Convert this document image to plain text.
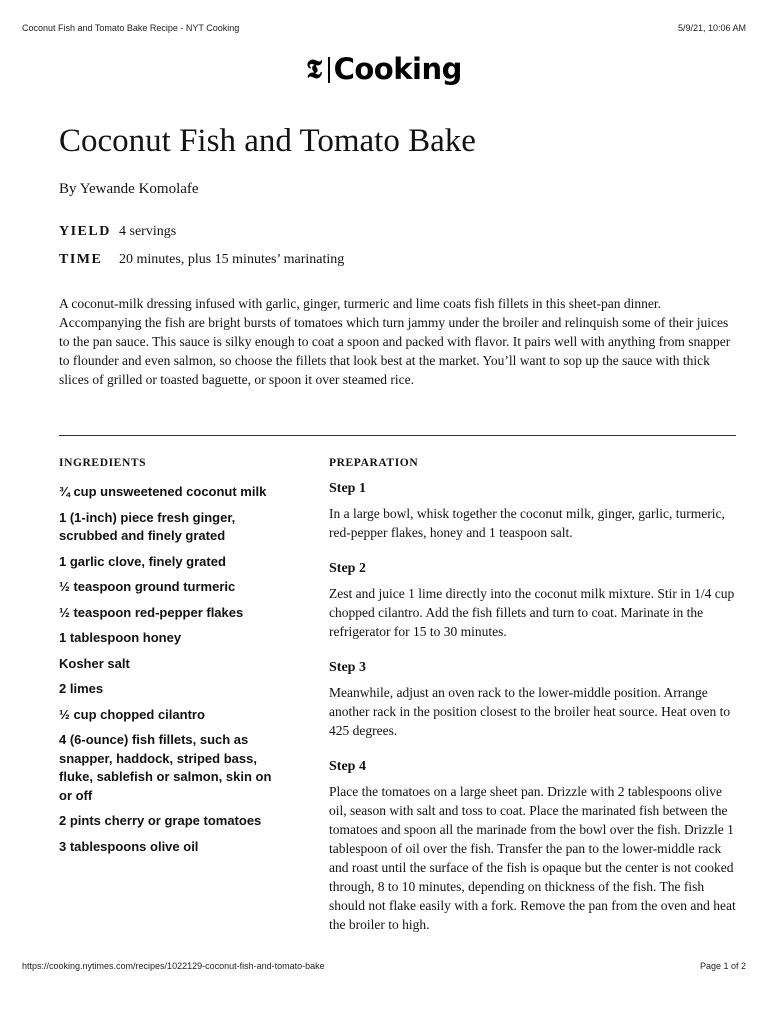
Coconut Fish and Tomato Bake Recipe - NYT Cooking	5/9/21, 10:06 AM
𝕿 Cooking
Coconut Fish and Tomato Bake
By Yewande Komolafe
YIELD 4 servings
TIME	20 minutes, plus 15 minutes’ marinating

A coconut-milk dressing infused with garlic, ginger, turmeric and lime coats fish fillets in this sheet-pan dinner. Accompanying the fish are bright bursts of tomatoes which turn jammy under the broiler and relinquish some of their juices to the pan sauce. This sauce is silky enough to coat a spoon and packed with flavor. It pairs well with anything from snapper to flounder and even salmon, so choose the fillets that look best at the market. You’ll want to sop up the sauce with thick slices of grilled or toasted baguette, or spoon it over steamed rice.

INGREDIENTS	PREPARATION
¾ cup unsweetened coconut milk
1 (1-inch) piece fresh ginger, scrubbed and finely grated
1 garlic clove, finely grated
½ teaspoon ground turmeric
½ teaspoon red-pepper flakes
1 tablespoon honey
Kosher salt
2 limes
½ cup chopped cilantro
4 (6-ounce) fish fillets, such as snapper, haddock, striped bass, fluke, sablefish or salmon, skin on or off
2 pints cherry or grape tomatoes
3 tablespoons olive oil
Step 1

In a large bowl, whisk together the coconut milk, ginger, garlic, turmeric, red-pepper flakes, honey and 1 teaspoon salt.

Step 2

Zest and juice 1 lime directly into the coconut milk mixture. Stir in 1/4 cup chopped cilantro. Add the fish fillets and turn to coat. Marinate in the refrigerator for 15 to 30 minutes.

Step 3

Meanwhile, adjust an oven rack to the lower-middle position. Arrange another rack in the position closest to the broiler heat source. Heat oven to 425 degrees.

Step 4

Place the tomatoes on a large sheet pan. Drizzle with 2 tablespoons olive oil, season with salt and toss to coat. Place the marinated fish between the tomatoes and spoon all the marinade from the bowl over the fish. Drizzle 1 tablespoon of oil over the fish. Transfer the pan to the lower-middle rack and roast until the surface of the fish is opaque but the center is not cooked through, 8 to 10 minutes, depending on thickness of the fish. The fish should not flake easily with a fork. Remove the pan from the oven and heat the broiler to high.

https://cooking.nytimes.com/recipes/1022129-coconut-fish-and-tomato-bake	Page 1 of 2
